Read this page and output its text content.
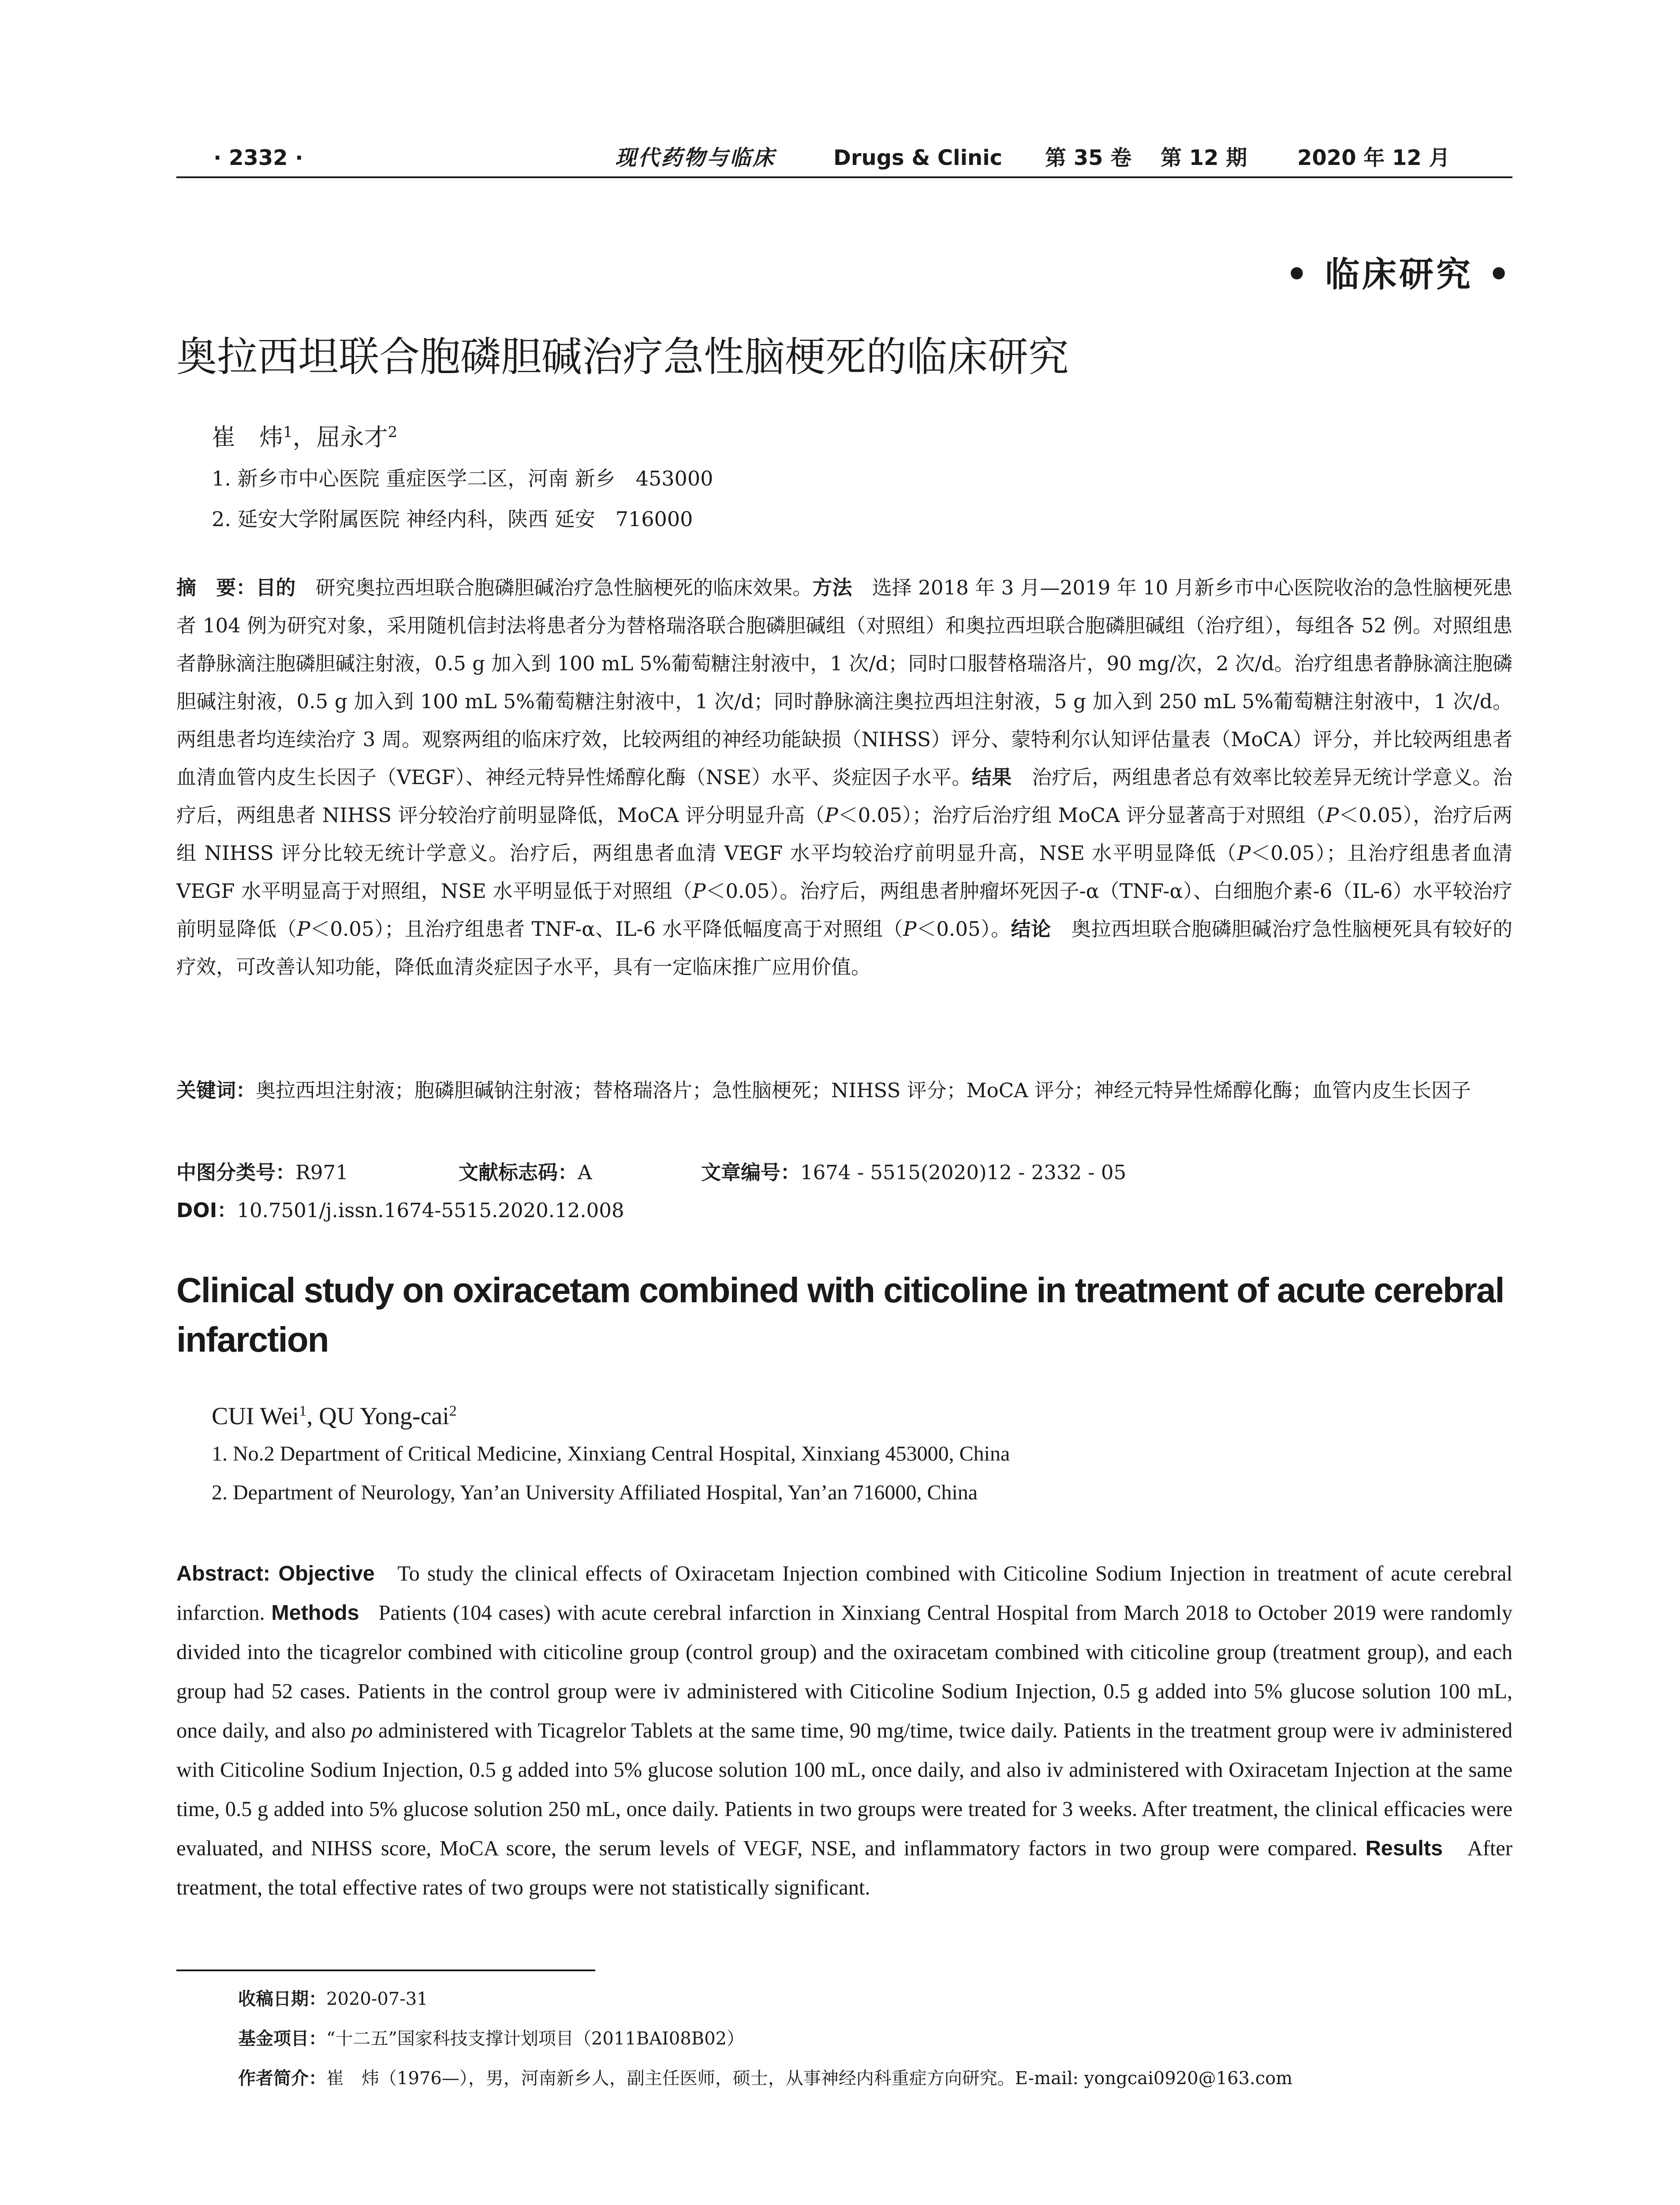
· 2332 ·	现代药物与临床	Drugs & Clinic 第 35 卷 第 12 期 2020 年 12 月
• 临床研究 •
奥拉西坦联合胞磷胆碱治疗急性脑梗死的临床研究
崔　炜$^1$，屈永才$^2$
1. 新乡市中心医院 重症医学二区，河南 新乡　453000
2. 延安大学附属医院 神经内科，陕西 延安　716000
摘　要：目的　 研究奥拉西坦联合胞磷胆碱治疗急性脑梗死的临床效果。方法　 选择 2018 年 3 月—2019 年 10 月新乡市中心医院收治的急性脑梗死患者 104 例为研究对象，采用随机信封法将患者分为替格瑞洛联合胞磷胆碱组（对照组）和奥拉西坦联合胞磷胆碱组（治疗组），每组各 52 例。对照组患者静脉滴注胞磷胆碱注射液，0.5 g 加入到 100 mL 5%葡萄糖注射液中，1 次/d；同时口服替格瑞洛片，90 mg/次，2 次/d。治疗组患者静脉滴注胞磷胆碱注射液，0.5 g 加入到 100 mL 5%葡萄糖注射液中，1 次/d；同时静脉滴注奥拉西坦注射液，5 g 加入到 250 mL 5%葡萄糖注射液中，1 次/d。两组患者均连续治疗 3 周。观察两组的临床疗效，比较两组的神经功能缺损（NIHSS）评分、蒙特利尔认知评估量表（MoCA）评分，并比较两组患者血清血管内皮生长因子（VEGF）、神经元特异性烯醇化酶（NSE）水平、炎症因子水平。结果　 治疗后，两组患者总有效率比较差异无统计学意义。治疗后，两组患者 NIHSS 评分较治疗前明显降低，MoCA 评分明显升高（P＜0.05）；治疗后治疗组 MoCA 评分显著高于对照组（P＜0.05），治疗后两组 NIHSS 评分比较无统计学意义。治疗后，两组患者血清 VEGF 水平均较治疗前明显升高，NSE 水平明显降低（P＜0.05）；且治疗组患者血清 VEGF 水平明显高于对照组，NSE 水平明显低于对照组（P＜0.05）。治疗后，两组患者肿瘤坏死因子-α（TNF-α）、白细胞介素-6（IL-6）水平较治疗前明显降低（P＜0.05）；且治疗组患者 TNF-α、IL-6 水平降低幅度高于对照组（P＜0.05）。结论　 奥拉西坦联合胞磷胆碱治疗急性脑梗死具有较好的疗效，可改善认知功能，降低血清炎症因子水平，具有一定临床推广应用价值。
关键词：奥拉西坦注射液；胞磷胆碱钠注射液；替格瑞洛片；急性脑梗死；NIHSS 评分；MoCA 评分；神经元特异性烯醇化酶；血管内皮生长因子
中图分类号：R971	文献标志码：A	文章编号：1674 - 5515(2020)12 - 2332 - 05
DOI：10.7501/j.issn.1674-5515.2020.12.008
Clinical study on oxiracetam combined with citicoline in treatment of acute cerebral infarction
CUI Wei$^1$, QU Yong-cai$^2$
1. No.2 Department of Critical Medicine, Xinxiang Central Hospital, Xinxiang 453000, China
2. Department of Neurology, Yan’an University Affiliated Hospital, Yan’an 716000, China
Abstract: Objective To study the clinical effects of Oxiracetam Injection combined with Citicoline Sodium Injection in treatment of acute cerebral infarction. Methods Patients (104 cases) with acute cerebral infarction in Xinxiang Central Hospital from March 2018 to October 2019 were randomly divided into the ticagrelor combined with citicoline group (control group) and the oxiracetam combined with citicoline group (treatment group), and each group had 52 cases. Patients in the control group were iv administered with Citicoline Sodium Injection, 0.5 g added into 5% glucose solution 100 mL, once daily, and also po administered with Ticagrelor Tablets at the same time, 90 mg/time, twice daily. Patients in the treatment group were iv administered with Citicoline Sodium Injection, 0.5 g added into 5% glucose solution 100 mL, once daily, and also iv administered with Oxiracetam Injection at the same time, 0.5 g added into 5% glucose solution 250 mL, once daily. Patients in two groups were treated for 3 weeks. After treatment, the clinical efficacies were evaluated, and NIHSS score, MoCA score, the serum levels of VEGF, NSE, and inflammatory factors in two group were compared. Results After treatment, the total effective rates of two groups were not statistically significant.
收稿日期：2020-07-31
基金项目：“十二五”国家科技支撑计划项目（2011BAI08B02）
作者简介：崔　炜（1976—），男，河南新乡人，副主任医师，硕士，从事神经内科重症方向研究。E-mail: yongcai0920@163.com
